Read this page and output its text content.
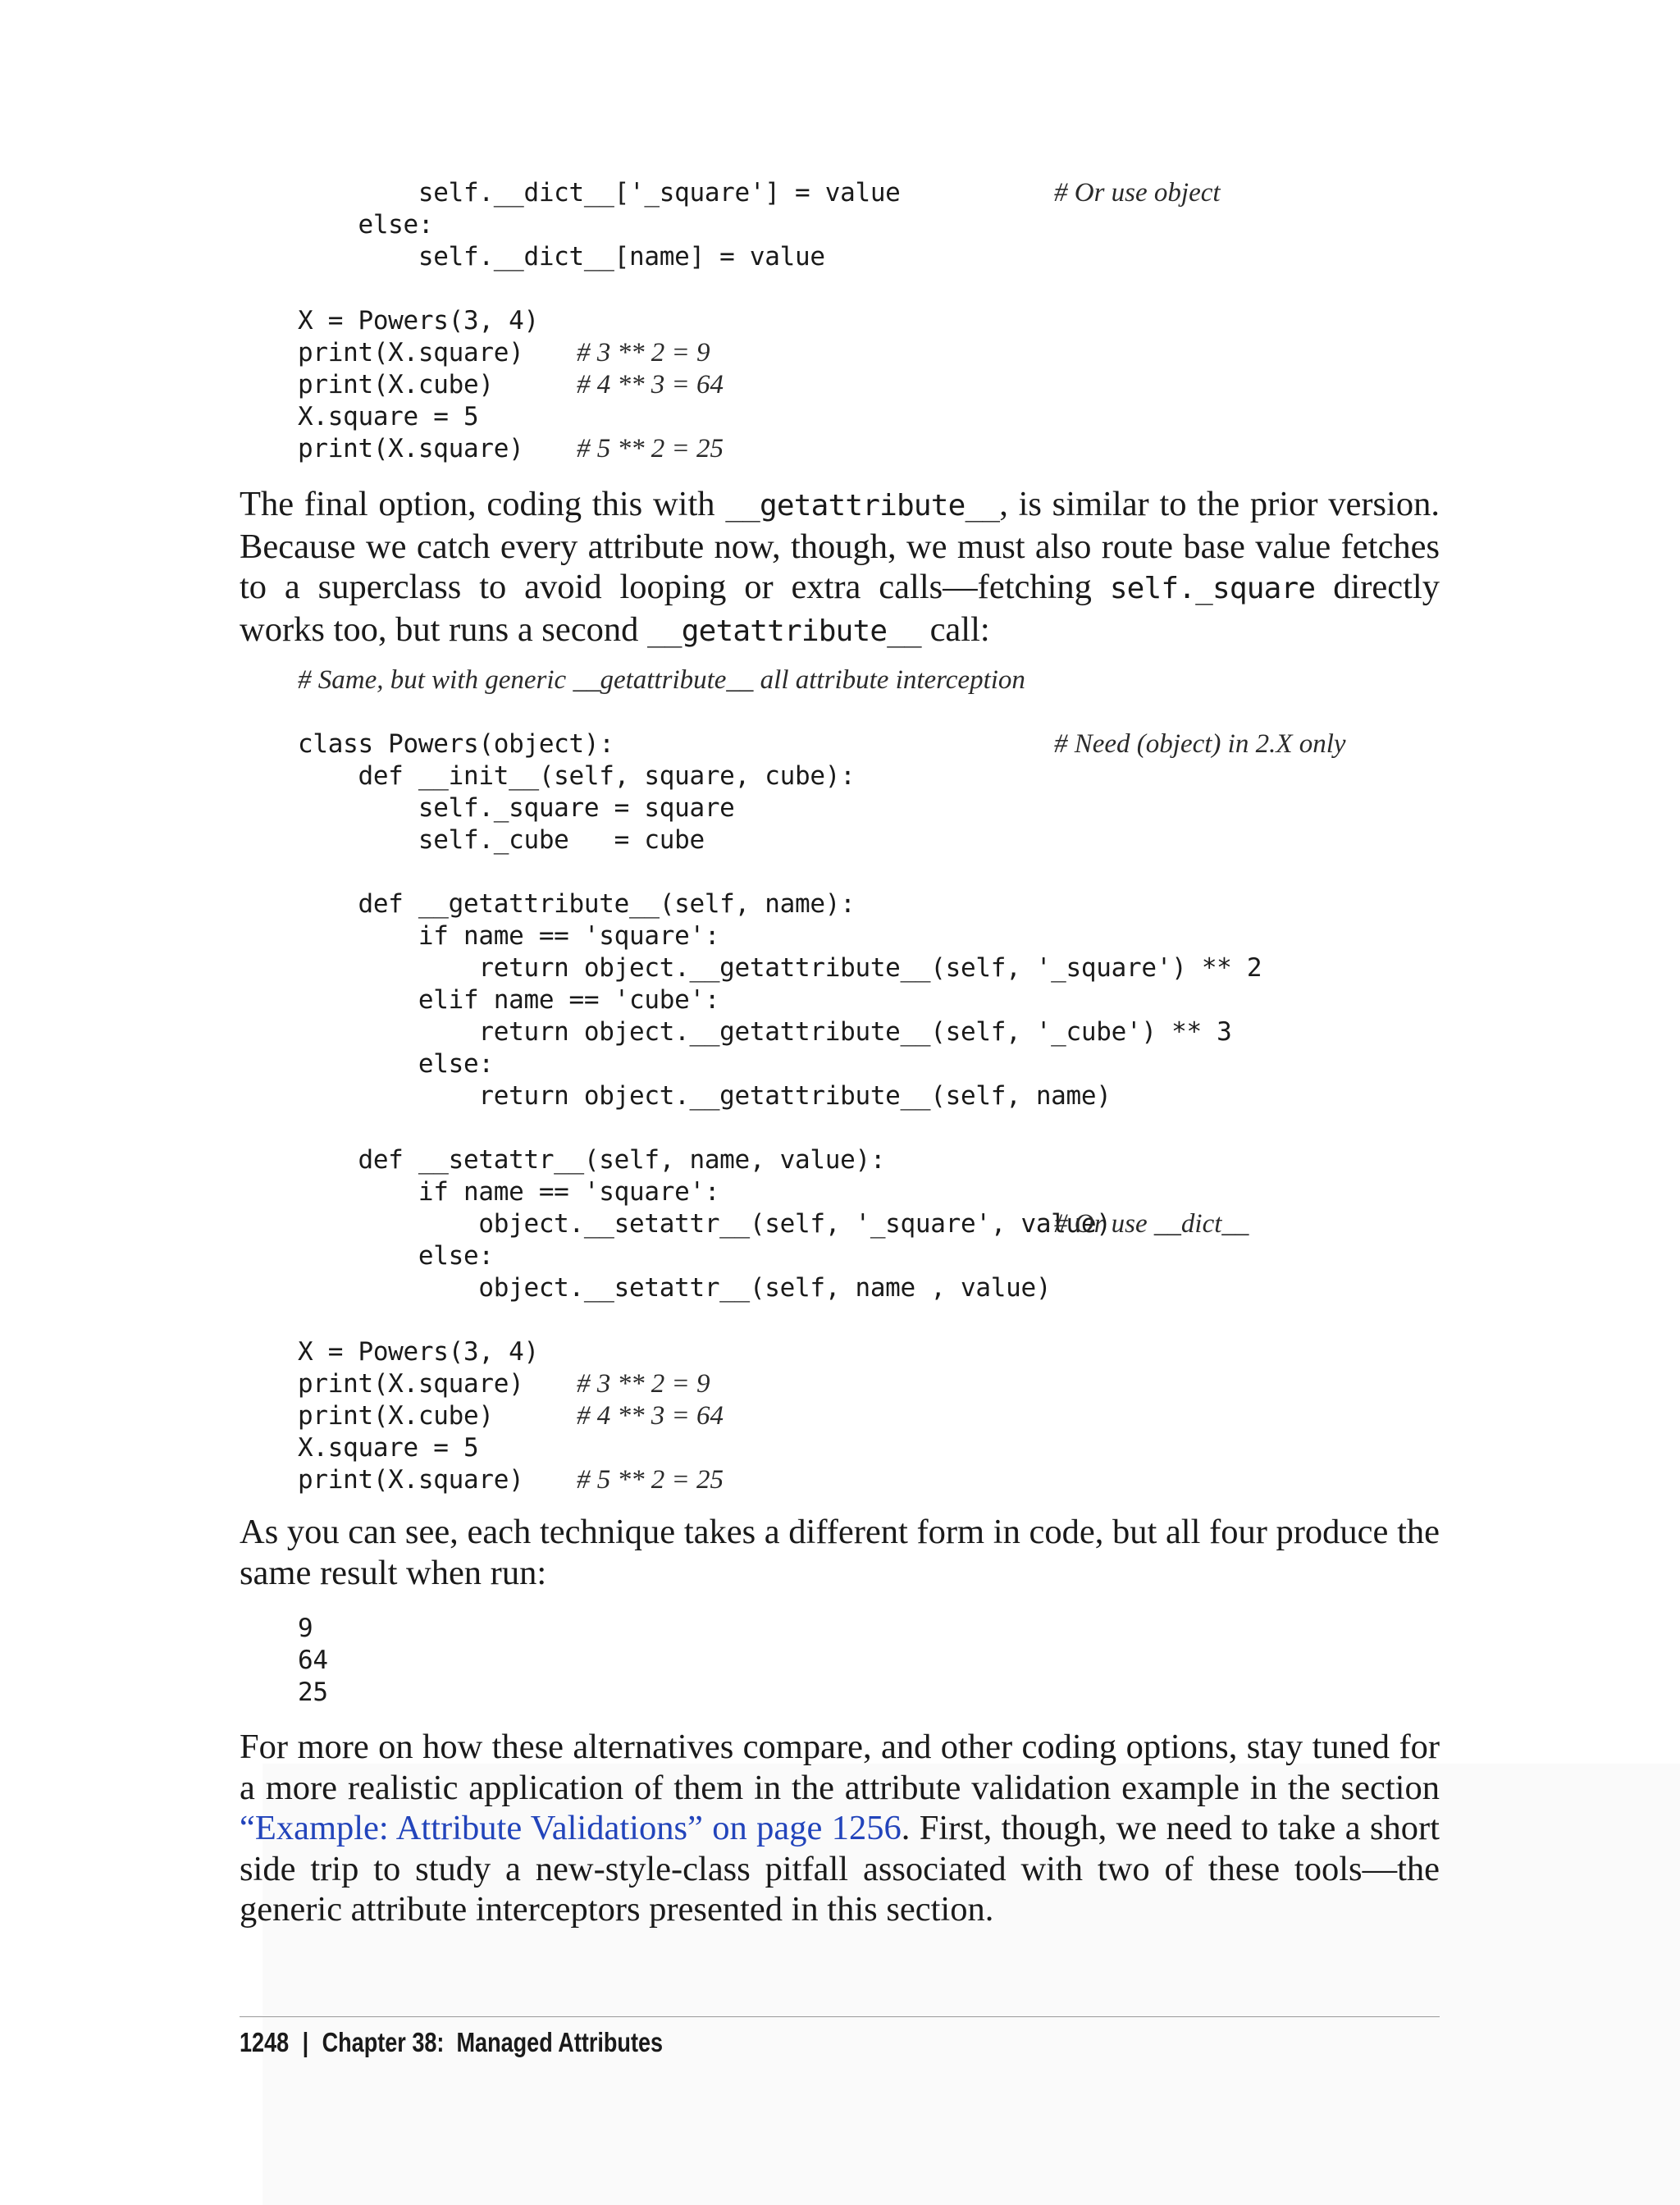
self.__dict__['_square'] = value	# Or use object
else:
self.__dict__[name] = value
X = Powers(3, 4)
print(X.square) # 3 ** 2 = 9
print(X.cube)	# 4 ** 3 = 64
X.square = 5
print(X.square) # 5 ** 2 = 25

The final option, coding this with __getattribute__, is similar to the prior version. Because we catch every attribute now, though, we must also route base value fetches to a superclass to avoid looping or extra calls—fetching self._square directly works too, but runs a second __getattribute__ call:

# Same, but with generic __getattribute__ all attribute interception
class Powers(object):	# Need (object) in 2.X only
def __init__(self, square, cube):
self._square = square
self._cube   = cube
def __getattribute__(self, name):
if name == 'square':
return object.__getattribute__(self, '_square') ** 2
elif name == 'cube':
return object.__getattribute__(self, '_cube') ** 3
else:
return object.__getattribute__(self, name)
def __setattr__(self, name, value):
if name == 'square':
object.__setattr__(self, '_square', value)
# Or use __dict__
else:
object.__setattr__(self, name , value)
X = Powers(3, 4)
print(X.square) # 3 ** 2 = 9
print(X.cube)	# 4 ** 3 = 64
X.square = 5
print(X.square) # 5 ** 2 = 25

As you can see, each technique takes a different form in code, but all four produce the same result when run:

9
64
25

For more on how these alternatives compare, and other coding options, stay tuned for a more realistic application of them in the attribute validation example in the section “Example: Attribute Validations” on page 1256. First, though, we need to take a short side trip to study a new-style-class pitfall associated with two of these tools—the generic attribute interceptors presented in this section.

1248 | Chapter 38:  Managed Attributes
